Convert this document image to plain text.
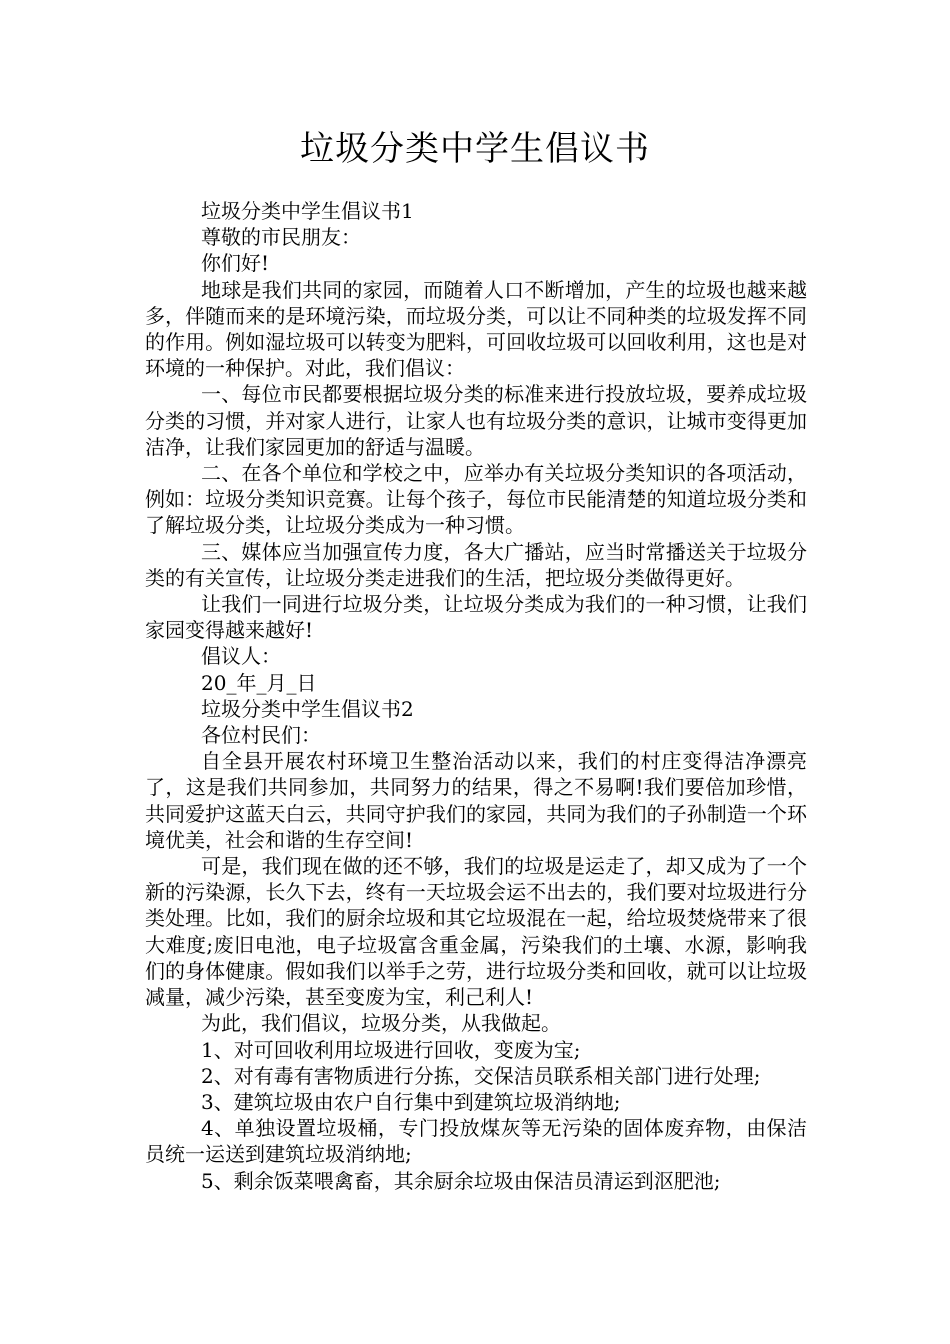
垃圾分类中学生倡议书

垃圾分类中学生倡议书1

尊敬的市民朋友：

你们好!

地球是我们共同的家园，而随着人口不断增加，产生的垃圾也越来越多，伴随而来的是环境污染，而垃圾分类，可以让不同种类的垃圾发挥不同的作用。例如湿垃圾可以转变为肥料，可回收垃圾可以回收利用，这也是对环境的一种保护。对此，我们倡议：

一、每位市民都要根据垃圾分类的标准来进行投放垃圾，要养成垃圾分类的习惯，并对家人进行，让家人也有垃圾分类的意识，让城市变得更加洁净，让我们家园更加的舒适与温暖。

二、在各个单位和学校之中，应举办有关垃圾分类知识的各项活动，例如：垃圾分类知识竞赛。让每个孩子，每位市民能清楚的知道垃圾分类和了解垃圾分类，让垃圾分类成为一种习惯。

三、媒体应当加强宣传力度，各大广播站，应当时常播送关于垃圾分类的有关宣传，让垃圾分类走进我们的生活，把垃圾分类做得更好。

让我们一同进行垃圾分类，让垃圾分类成为我们的一种习惯，让我们家园变得越来越好!

倡议人：

20_年_月_日

垃圾分类中学生倡议书2

各位村民们：

自全县开展农村环境卫生整治活动以来，我们的村庄变得洁净漂亮了，这是我们共同参加，共同努力的结果，得之不易啊!我们要倍加珍惜，共同爱护这蓝天白云，共同守护我们的家园，共同为我们的子孙制造一个环境优美，社会和谐的生存空间!

可是，我们现在做的还不够，我们的垃圾是运走了，却又成为了一个新的污染源，长久下去，终有一天垃圾会运不出去的，我们要对垃圾进行分类处理。比如，我们的厨余垃圾和其它垃圾混在一起，给垃圾焚烧带来了很大难度;废旧电池，电子垃圾富含重金属，污染我们的土壤、水源，影响我们的身体健康。假如我们以举手之劳，进行垃圾分类和回收，就可以让垃圾减量，减少污染，甚至变废为宝，利己利人!

为此，我们倡议，垃圾分类，从我做起。

1、对可回收利用垃圾进行回收，变废为宝;

2、对有毒有害物质进行分拣，交保洁员联系相关部门进行处理;

3、建筑垃圾由农户自行集中到建筑垃圾消纳地;

4、单独设置垃圾桶，专门投放煤灰等无污染的固体废弃物，由保洁员统一运送到建筑垃圾消纳地;

5、剩余饭菜喂禽畜，其余厨余垃圾由保洁员清运到沤肥池;
